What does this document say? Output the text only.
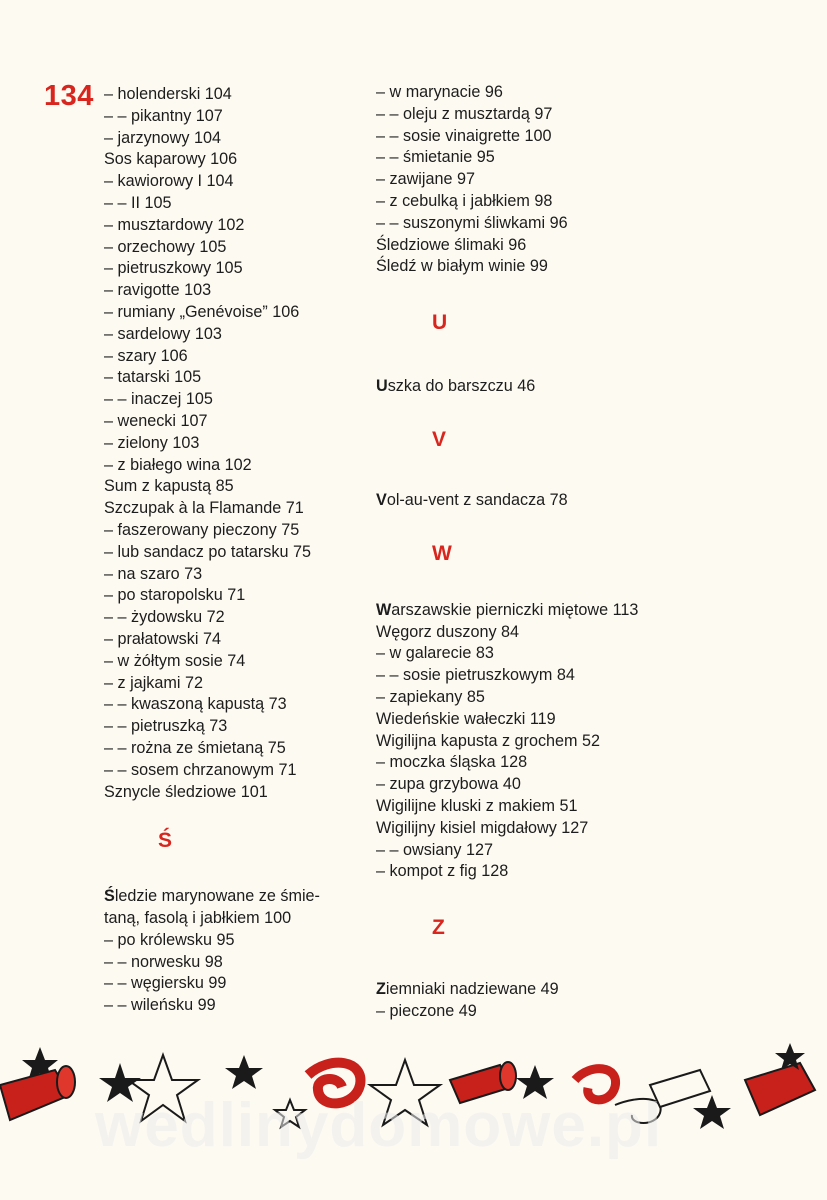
134 – holenderski 104
– – pikantny 107
– jarzynowy 104
Sos kaparowy 106
– kawiorowy I 104
– – II 105
– musztardowy 102
– orzechowy 105
– pietruszkowy 105
– ravigotte 103
– rumiany „Genévoise” 106
– sardelowy 103
– szary 106
– tatarski 105
– – inaczej 105
– wenecki 107
– zielony 103
– z białego wina 102
Sum z kapustą 85
Szczupak à la Flamande 71
– faszerowany pieczony 75
– lub sandacz po tatarsku 75
– na szaro 73
– po staropolsku 71
– – żydowsku 72
– prałatowski 74
– w żółtym sosie 74
– z jajkami 72
– – kwaszoną kapustą 73
– – pietruszką 73
– – rożna ze śmietaną 75
– – sosem chrzanowym 71
Sznycle śledziowe 101
Ś
Śledzie marynowane ze śmie-
taną, fasolą i jabłkiem 100
– po królewsku 95
– – norwesku 98
– – węgiersku 99
– – wileńsku 99
– w marynacie 96
– – oleju z musztardą 97
– – sosie vinaigrette 100
– – śmietanie 95
– zawijane 97
– z cebulką i jabłkiem 98
– – suszonymi śliwkami 96
Śledziowe ślimaki 96
Śledź w białym winie 99
U
Uszka do barszczu 46
V
Vol-au-vent z sandacza 78
W
Warszawskie pierniczki miętowe 113
Węgorz duszony 84
– w galarecie 83
– – sosie pietruszkowym 84
– zapiekany 85
Wiedeńskie wałeczki 119
Wigilijna kapusta z grochem 52
– moczka śląska 128
– zupa grzybowa 40
Wigilijne kluski z makiem 51
Wigilijny kisiel migdałowy 127
– – owsiany 127
– kompot z fig 128
Z
Ziemniaki nadziewane 49
– pieczone 49
wedlinydomowe.pl
